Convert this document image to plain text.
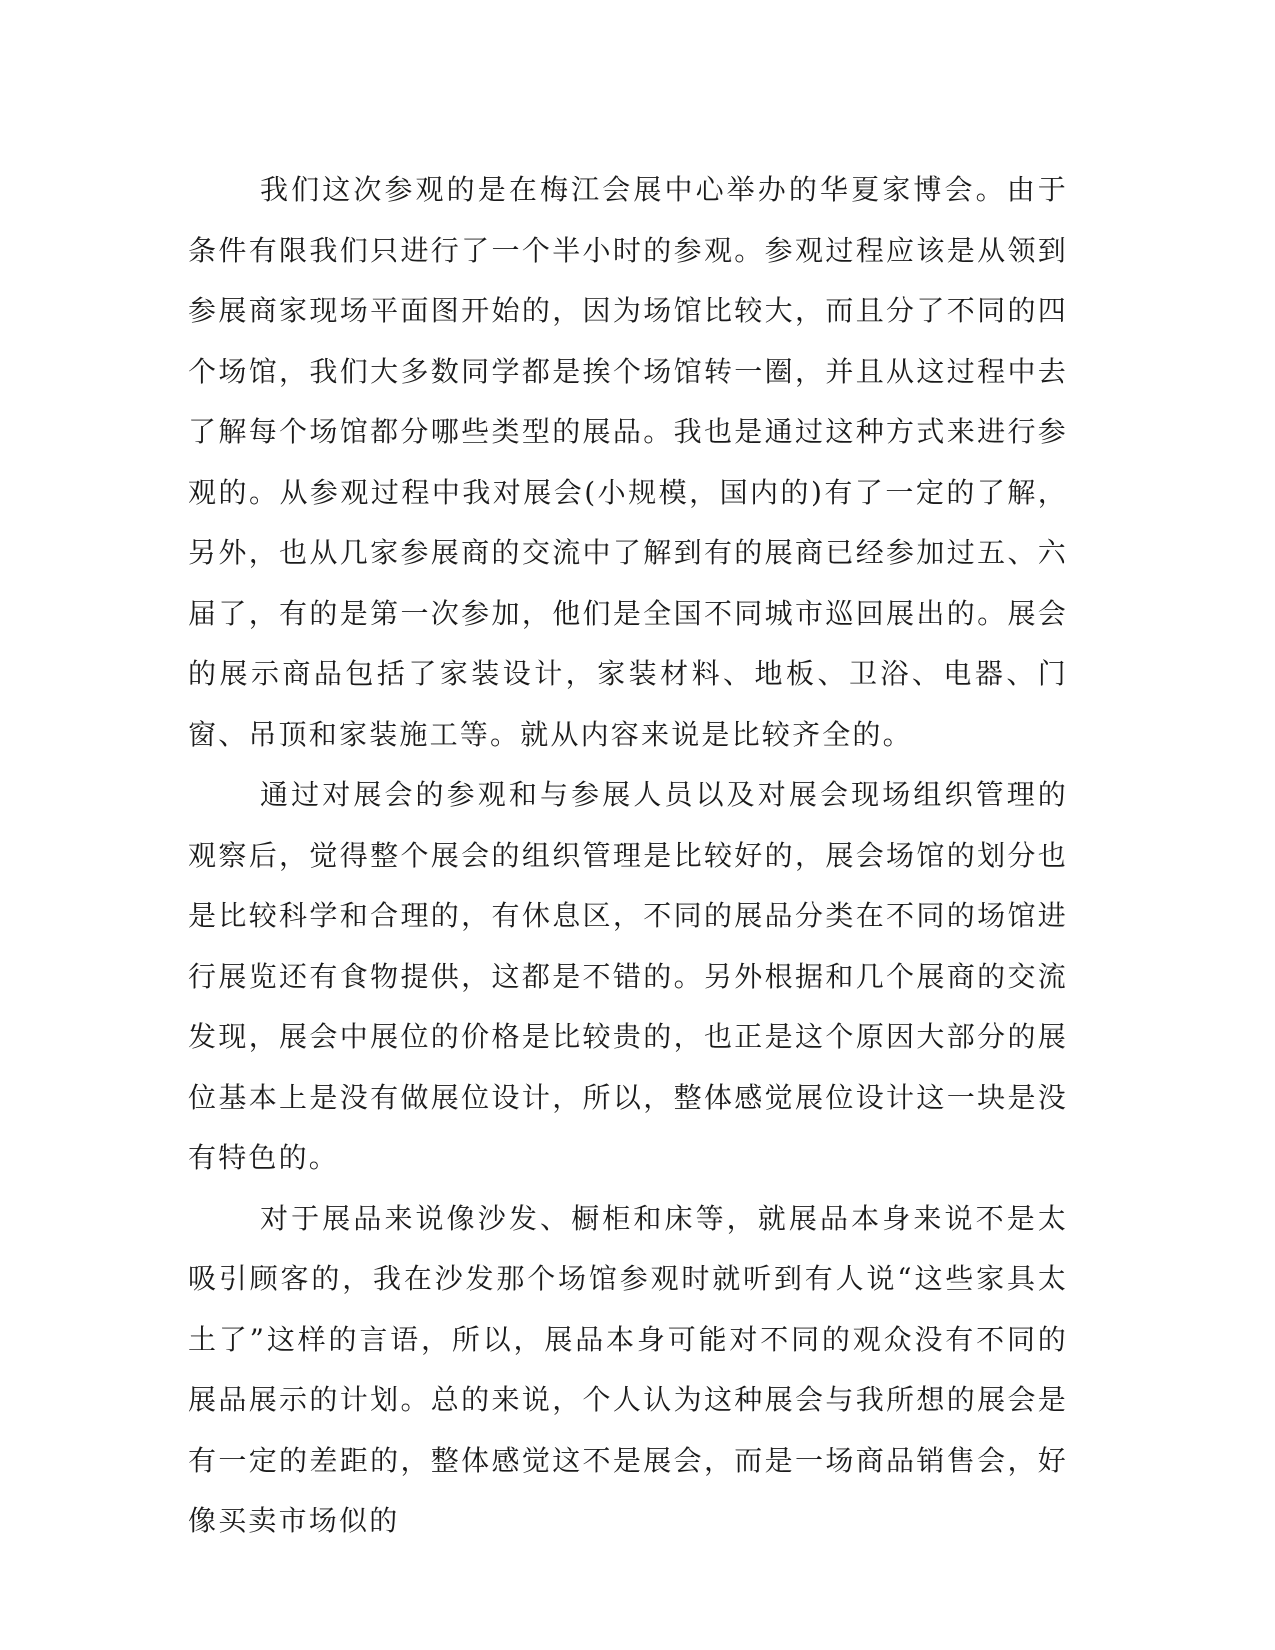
我们这次参观的是在梅江会展中心举办的华夏家博会。由于条件有限我们只进行了一个半小时的参观。参观过程应该是从领到参展商家现场平面图开始的，因为场馆比较大，而且分了不同的四个场馆，我们大多数同学都是挨个场馆转一圈，并且从这过程中去了解每个场馆都分哪些类型的展品。我也是通过这种方式来进行参观的。从参观过程中我对展会(小规模，国内的)有了一定的了解，另外，也从几家参展商的交流中了解到有的展商已经参加过五、六届了，有的是第一次参加，他们是全国不同城市巡回展出的。展会的展示商品包括了家装设计，家装材料、地板、卫浴、电器、门窗、吊顶和家装施工等。就从内容来说是比较齐全的。

通过对展会的参观和与参展人员以及对展会现场组织管理的观察后，觉得整个展会的组织管理是比较好的，展会场馆的划分也是比较科学和合理的，有休息区，不同的展品分类在不同的场馆进行展览还有食物提供，这都是不错的。另外根据和几个展商的交流发现，展会中展位的价格是比较贵的，也正是这个原因大部分的展位基本上是没有做展位设计，所以，整体感觉展位设计这一块是没有特色的。

对于展品来说像沙发、橱柜和床等，就展品本身来说不是太吸引顾客的，我在沙发那个场馆参观时就听到有人说“这些家具太土了”这样的言语，所以，展品本身可能对不同的观众没有不同的展品展示的计划。总的来说，个人认为这种展会与我所想的展会是有一定的差距的，整体感觉这不是展会，而是一场商品销售会，好像买卖市场似的
